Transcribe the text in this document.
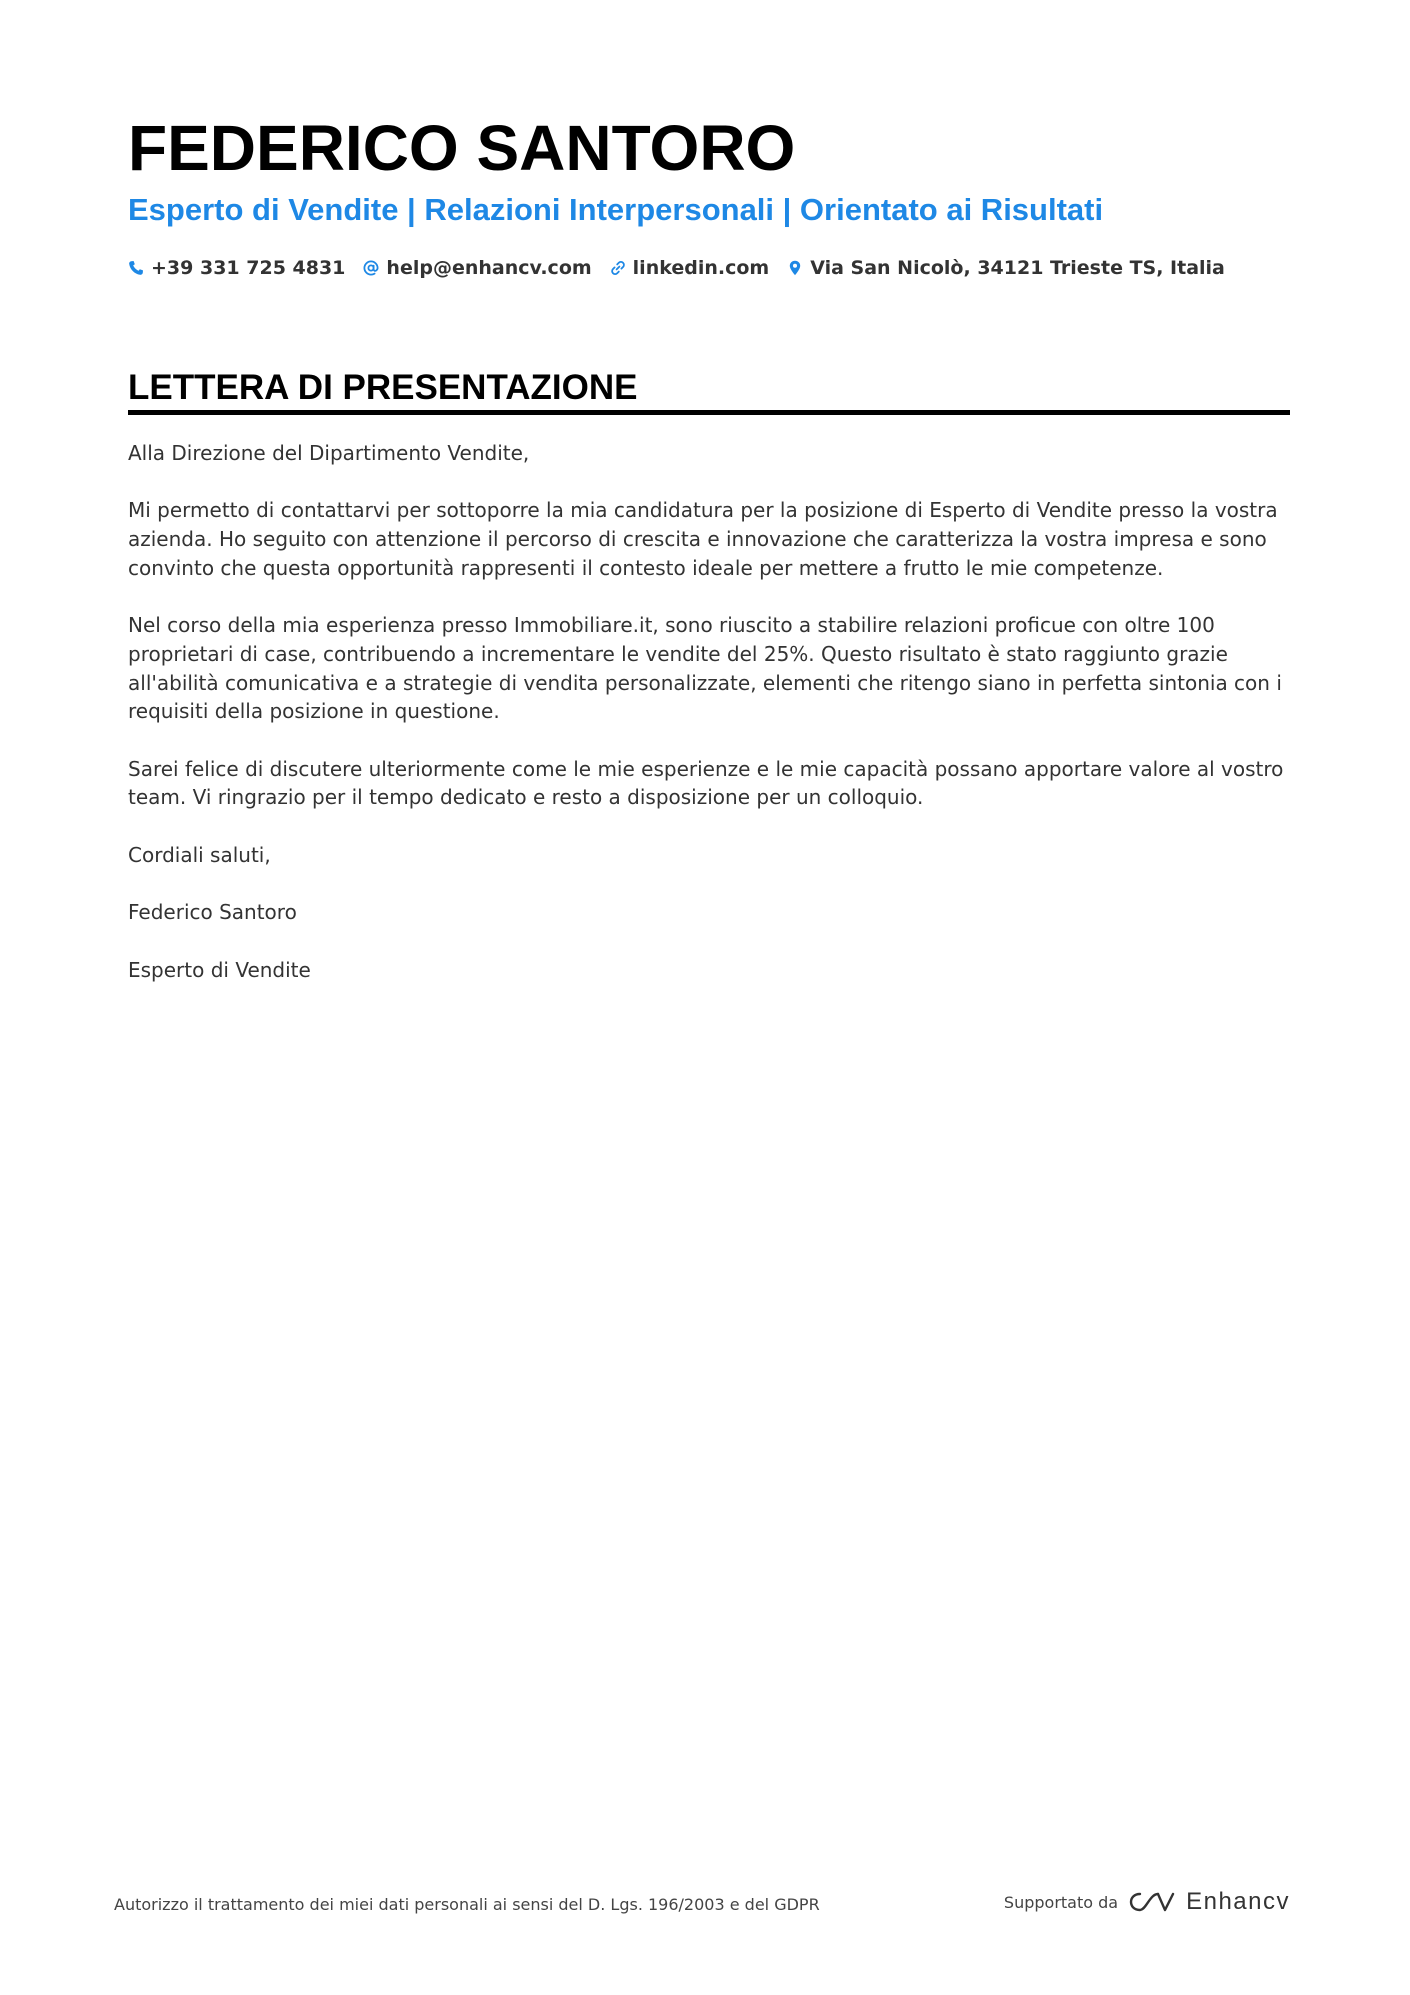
FEDERICO SANTORO
Esperto di Vendite | Relazioni Interpersonali | Orientato ai Risultati
+39 331 725 4831 help@enhancv.com linkedin.com Via San Nicolò, 34121 Trieste TS, Italia
LETTERA DI PRESENTAZIONE

Alla Direzione del Dipartimento Vendite,

Mi permetto di contattarvi per sottoporre la mia candidatura per la posizione di Esperto di Vendite presso la vostra azienda. Ho seguito con attenzione il percorso di crescita e innovazione che caratterizza la vostra impresa e sono convinto che questa opportunità rappresenti il contesto ideale per mettere a frutto le mie competenze.

Nel corso della mia esperienza presso Immobiliare.it, sono riuscito a stabilire relazioni proficue con oltre 100 proprietari di case, contribuendo a incrementare le vendite del 25%. Questo risultato è stato raggiunto grazie all'abilità comunicativa e a strategie di vendita personalizzate, elementi che ritengo siano in perfetta sintonia con i requisiti della posizione in questione.

Sarei felice di discutere ulteriormente come le mie esperienze e le mie capacità possano apportare valore al vostro team. Vi ringrazio per il tempo dedicato e resto a disposizione per un colloquio.

Cordiali saluti,

Federico Santoro

Esperto di Vendite

Autorizzo il trattamento dei miei dati personali ai sensi del D. Lgs. 196/2003 e del GDPR	Supportato da	Enhancv
